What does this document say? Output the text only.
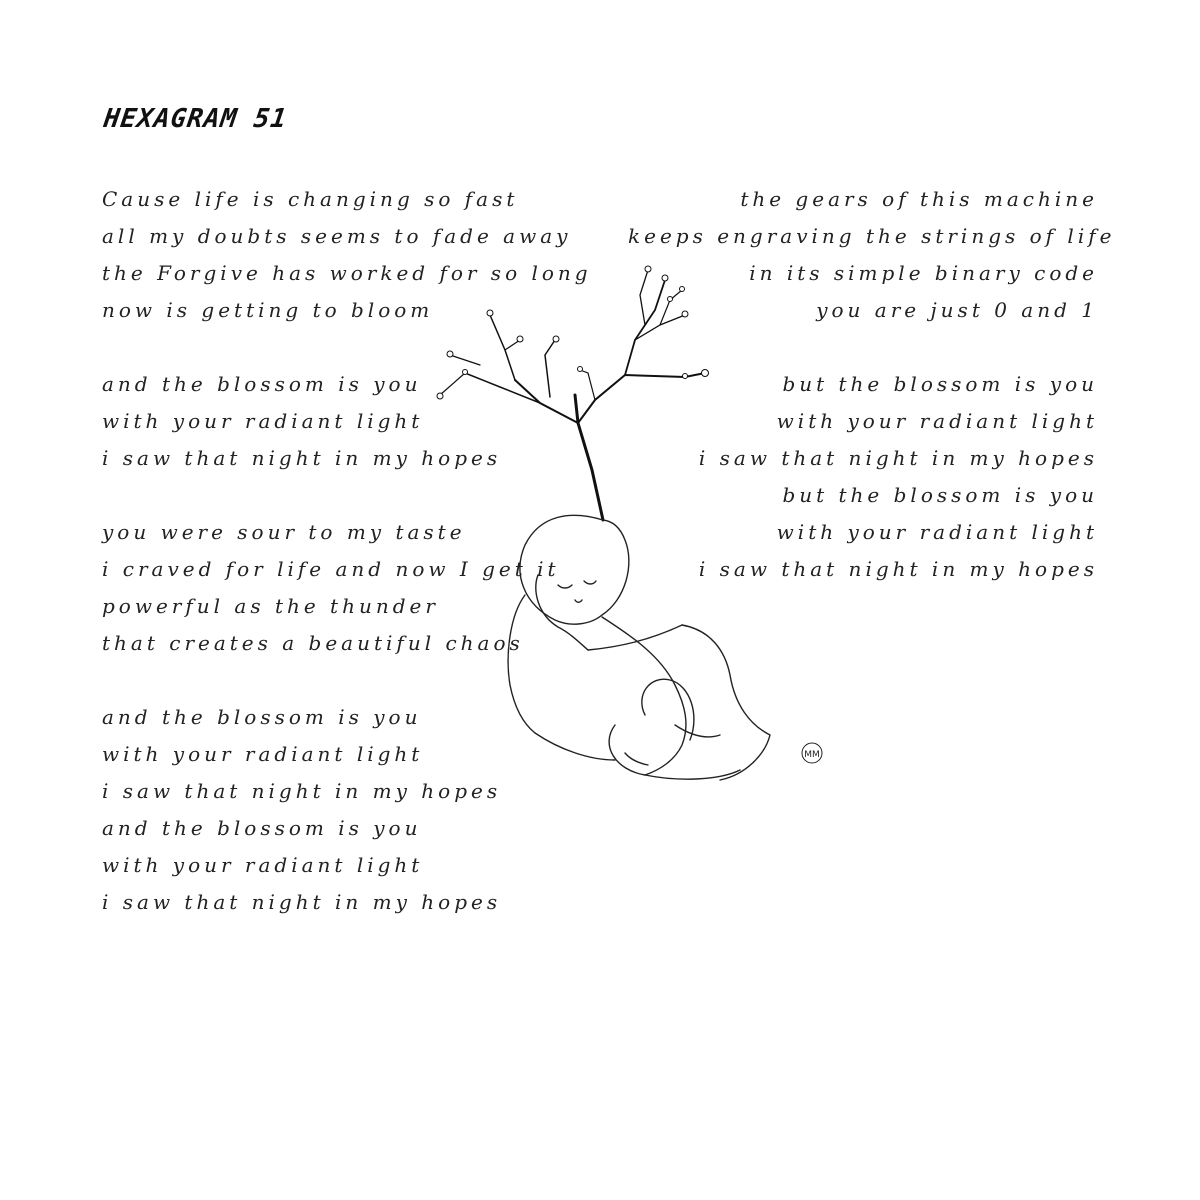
HEXAGRAM 51
Cause life is changing so fast
all my doubts seems to fade away
the Forgive has worked for so long
now is getting to bloom
and the blossom is you
with your radiant light
i saw that night in my hopes
you were sour to my taste
i craved for life and now I get it
powerful as the thunder
that creates a beautiful chaos
and the blossom is you
with your radiant light
i saw that night in my hopes
and the blossom is you
with your radiant light
i saw that night in my hopes
the gears of this machine
keeps engraving the strings of life
in its simple binary code
you are just 0 and 1
but the blossom is you
with your radiant light
i saw that night in my hopes
but the blossom is you
with your radiant light
i saw that night in my hopes
MM
